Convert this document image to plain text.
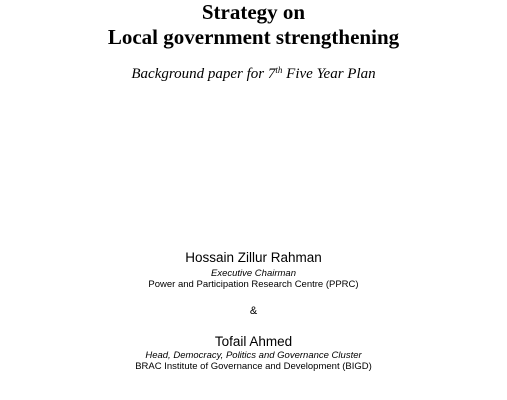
Strategy on
Local government strengthening
Background paper for 7th Five Year Plan
Hossain Zillur Rahman
Executive Chairman
Power and Participation Research Centre (PPRC)
&
Tofail Ahmed
Head, Democracy, Politics and Governance Cluster
BRAC Institute of Governance and Development (BIGD)
